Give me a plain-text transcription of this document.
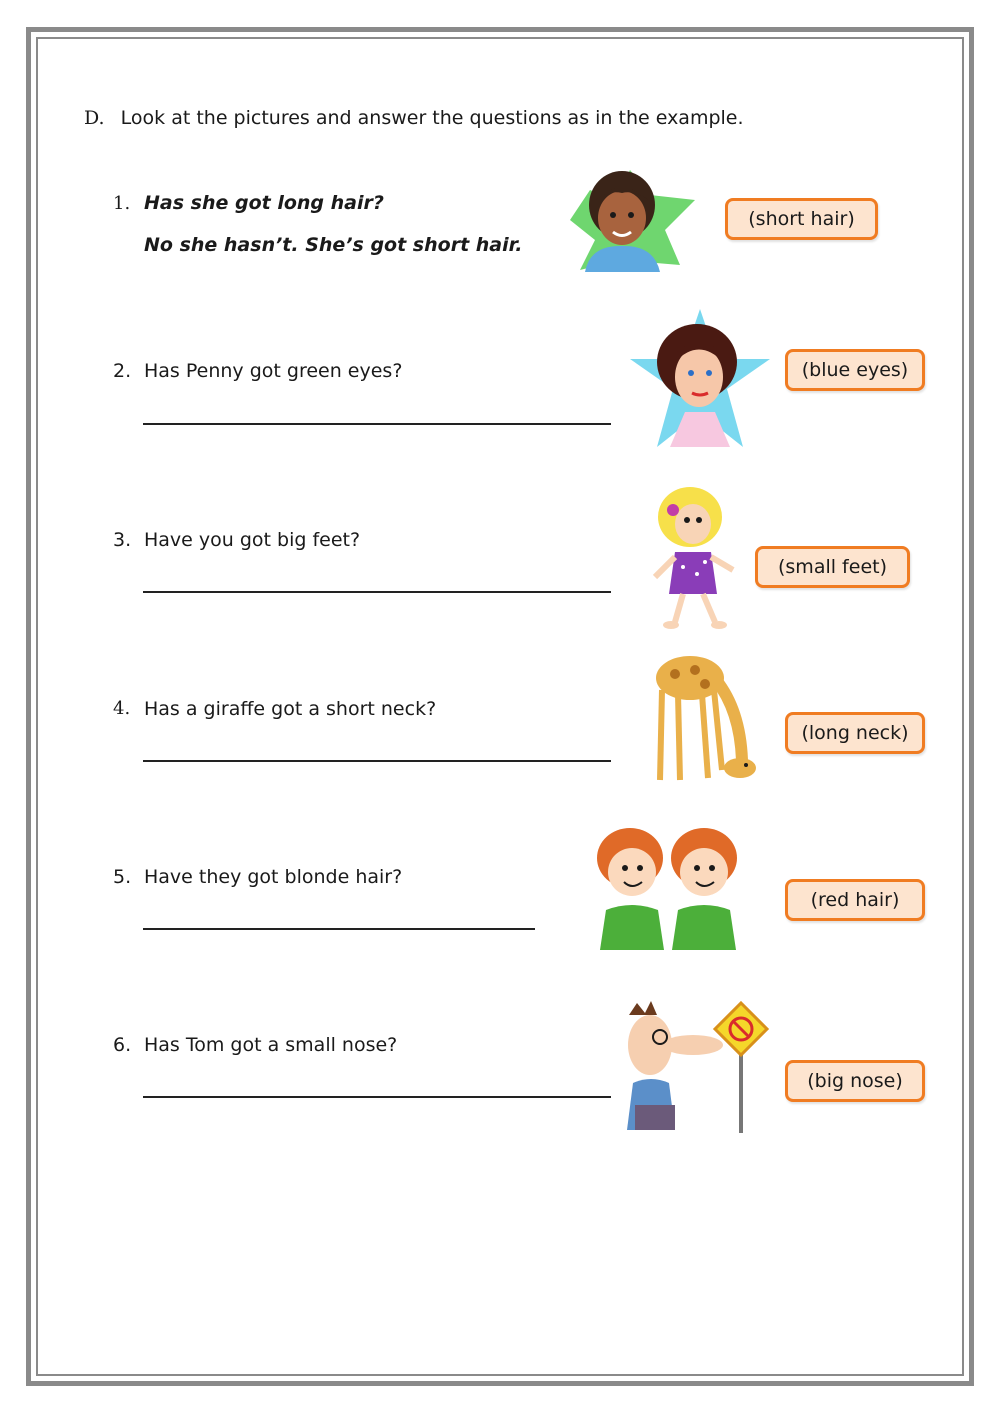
D. Look at the pictures and answer the questions as in the example.
1. Has she got long hair?
No she hasn’t. She’s got short hair.
(short hair)
2. Has Penny got green eyes?	(blue eyes)
3. Have you got big feet?
(small feet)
4. Has a giraffe got a short neck?
(long neck)
5. Have they got blonde hair?
(red hair)
6. Has Tom got a small nose?
(big nose)
